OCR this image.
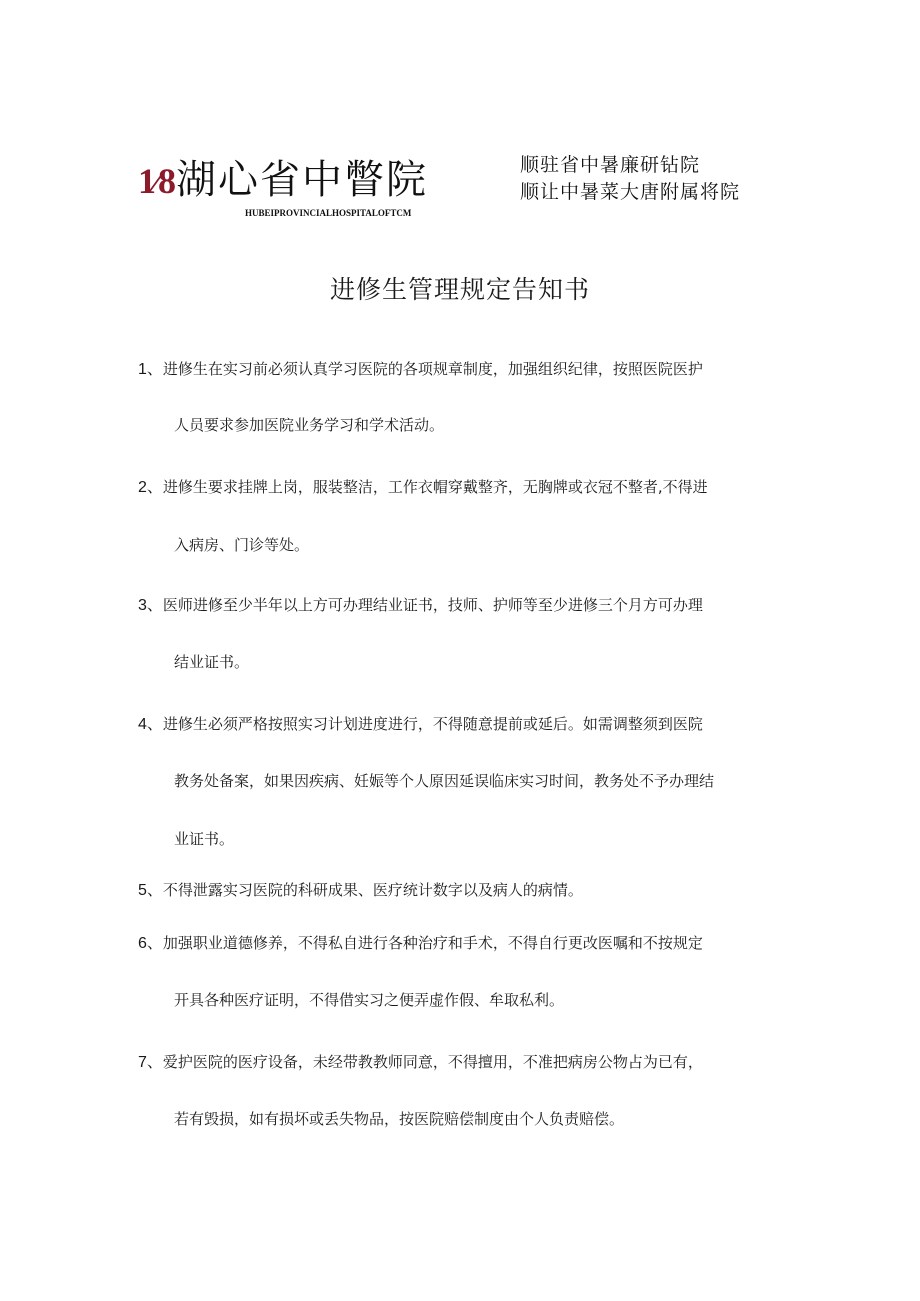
1⁄8 湖心省中瞥院
HUBEIPROVINCIALHOSPITALOFTCM
顺驻省中暑廉研钻院
顺让中暑菜大唐附属将院
进修生管理规定告知书
1、进修生在实习前必须认真学习医院的各项规章制度，加强组织纪律，按照医院医护
人员要求参加医院业务学习和学术活动。
2、进修生要求挂牌上岗，服装整洁，工作衣帽穿戴整齐，无胸牌或衣冠不整者,不得进
入病房、门诊等处。
3、医师进修至少半年以上方可办理结业证书，技师、护师等至少进修三个月方可办理
结业证书。
4、进修生必须严格按照实习计划进度进行，不得随意提前或延后。如需调整须到医院
教务处备案，如果因疾病、妊娠等个人原因延误临床实习时间，教务处不予办理结
业证书。
5、不得泄露实习医院的科研成果、医疗统计数字以及病人的病情。
6、加强职业道德修养，不得私自进行各种治疗和手术，不得自行更改医嘱和不按规定
开具各种医疗证明，不得借实习之便弄虚作假、牟取私利。
7、爱护医院的医疗设备，未经带教教师同意，不得擅用，不准把病房公物占为已有，
若有毁损，如有损坏或丢失物品，按医院赔偿制度由个人负责赔偿。
